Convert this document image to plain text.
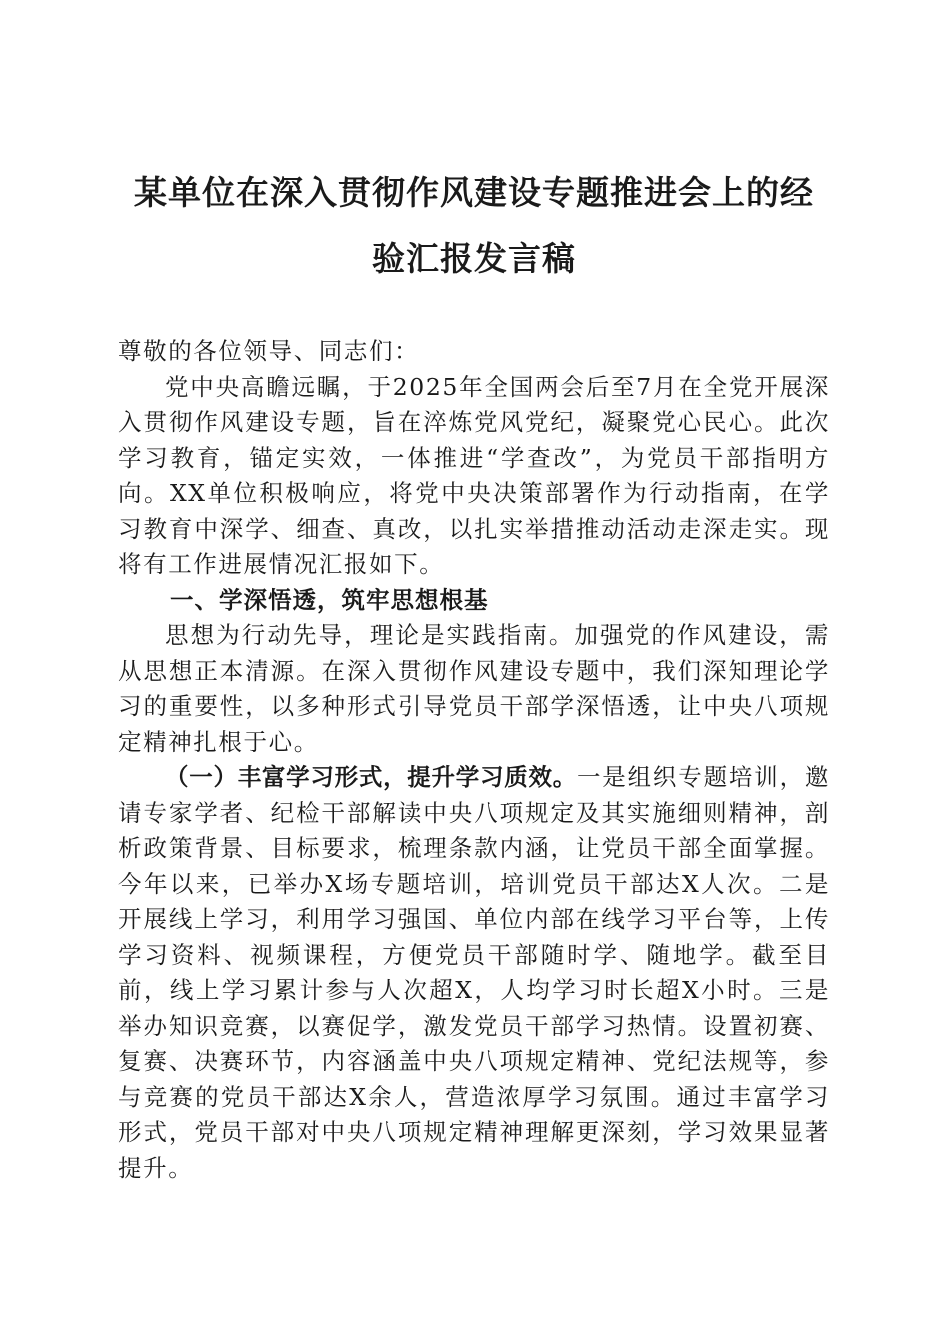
某单位在深入贯彻作风建设专题推进会上的经
验汇报发言稿

尊敬的各位领导、同志们：

党中央高瞻远瞩，于2025年全国两会后至7月在全党开展深入贯彻作风建设专题，旨在淬炼党风党纪，凝聚党心民心。此次学习教育，锚定实效，一体推进“学查改”，为党员干部指明方向。XX单位积极响应，将党中央决策部署作为行动指南，在学习教育中深学、细查、真改，以扎实举措推动活动走深走实。现将有工作进展情况汇报如下。

一、学深悟透，筑牢思想根基

思想为行动先导，理论是实践指南。加强党的作风建设，需从思想正本清源。在深入贯彻作风建设专题中，我们深知理论学习的重要性，以多种形式引导党员干部学深悟透，让中央八项规定精神扎根于心。

（一）丰富学习形式，提升学习质效。一是组织专题培训，邀请专家学者、纪检干部解读中央八项规定及其实施细则精神，剖析政策背景、目标要求，梳理条款内涵，让党员干部全面掌握。今年以来，已举办X场专题培训，培训党员干部达X人次。二是开展线上学习，利用学习强国、单位内部在线学习平台等，上传学习资料、视频课程，方便党员干部随时学、随地学。截至目前，线上学习累计参与人次超X，人均学习时长超X小时。三是举办知识竞赛，以赛促学，激发党员干部学习热情。设置初赛、复赛、决赛环节，内容涵盖中央八项规定精神、党纪法规等，参与竞赛的党员干部达X余人，营造浓厚学习氛围。通过丰富学习形式，党员干部对中央八项规定精神理解更深刻，学习效果显著提升。
